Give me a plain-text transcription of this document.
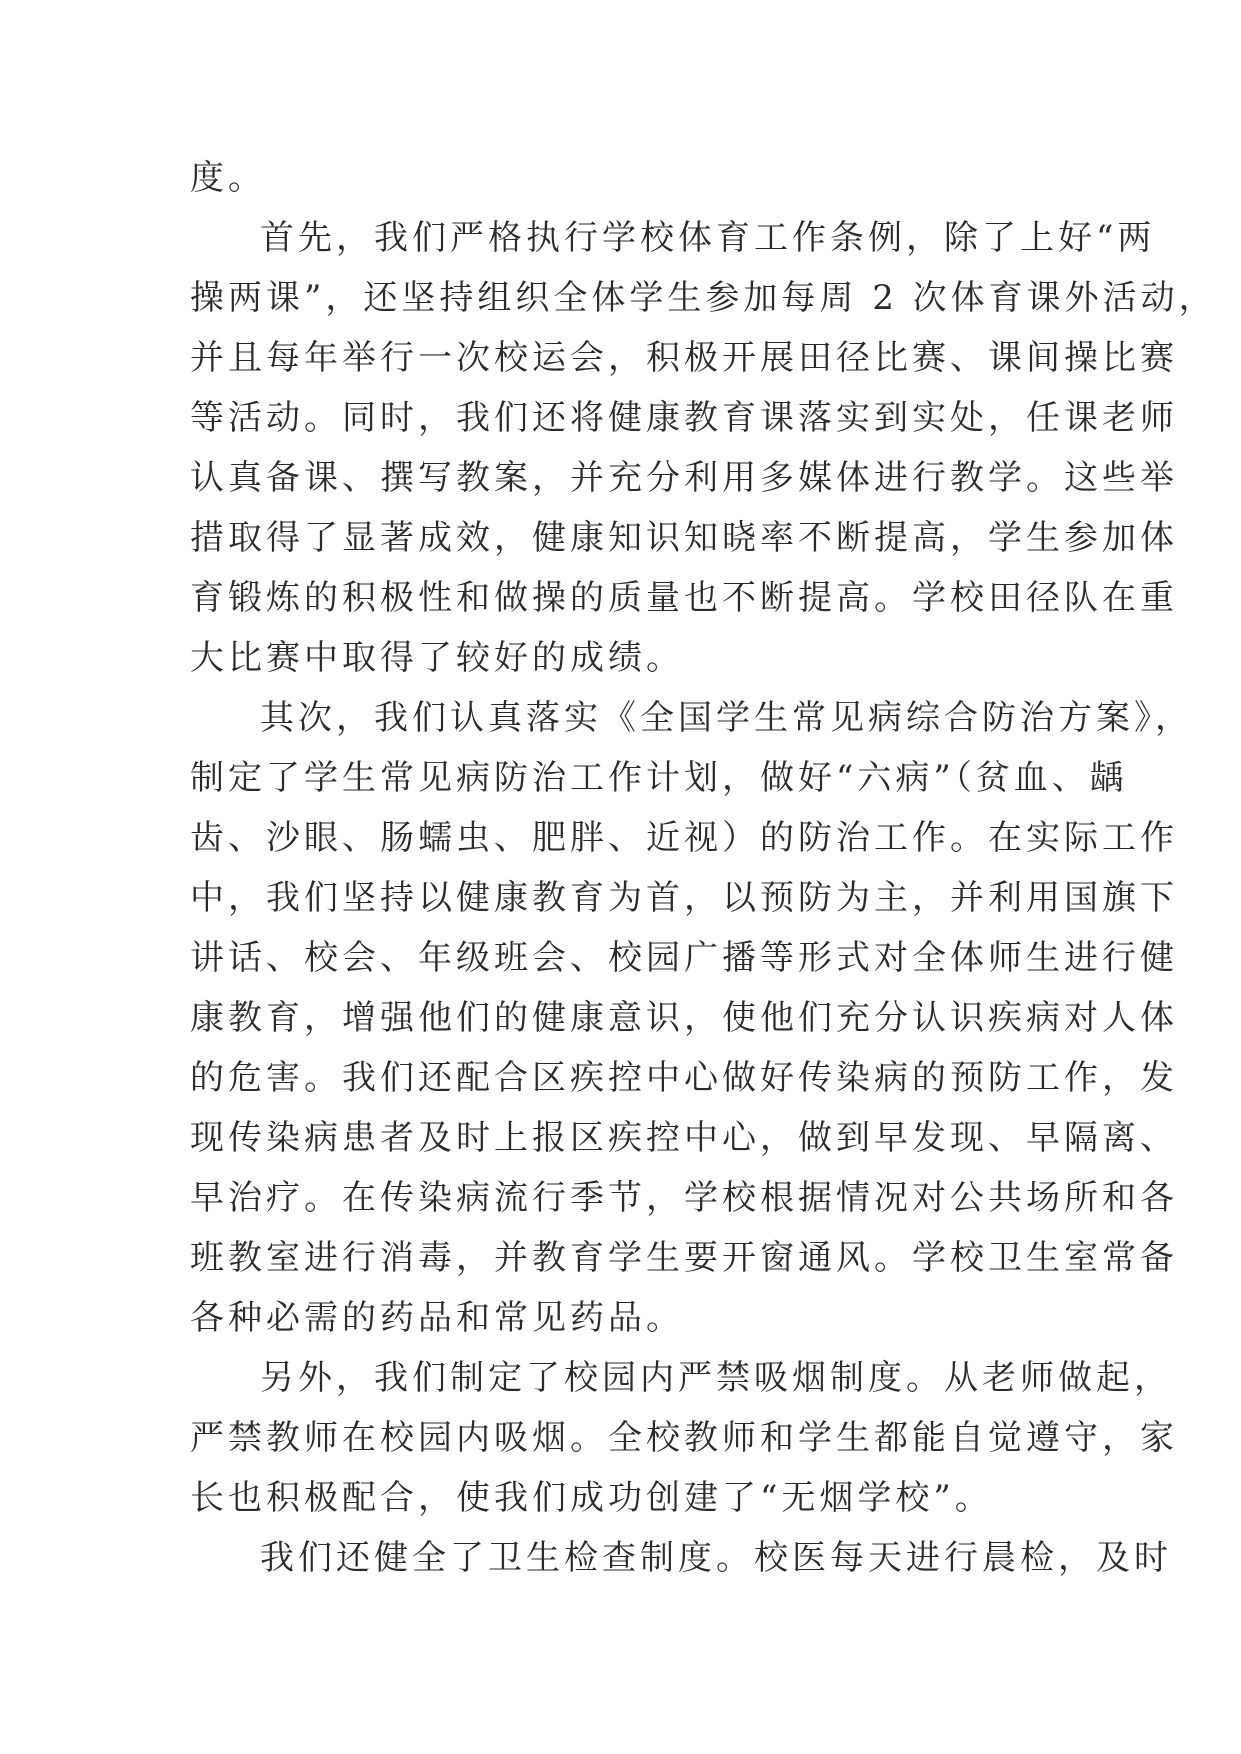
度。
首先，我们严格执行学校体育工作条例，除了上好“两
操两课”，还坚持组织全体学生参加每周 2 次体育课外活动，
并且每年举行一次校运会，积极开展田径比赛、课间操比赛
等活动。同时，我们还将健康教育课落实到实处，任课老师
认真备课、撰写教案，并充分利用多媒体进行教学。这些举
措取得了显著成效，健康知识知晓率不断提高，学生参加体
育锻炼的积极性和做操的质量也不断提高。学校田径队在重
大比赛中取得了较好的成绩。
其次，我们认真落实《全国学生常见病综合防治方案》，
制定了学生常见病防治工作计划，做好“六病”（贫血、龋
齿、沙眼、肠蠕虫、肥胖、近视）的防治工作。在实际工作
中，我们坚持以健康教育为首，以预防为主，并利用国旗下
讲话、校会、年级班会、校园广播等形式对全体师生进行健
康教育，增强他们的健康意识，使他们充分认识疾病对人体
的危害。我们还配合区疾控中心做好传染病的预防工作，发
现传染病患者及时上报区疾控中心，做到早发现、早隔离、
早治疗。在传染病流行季节，学校根据情况对公共场所和各
班教室进行消毒，并教育学生要开窗通风。学校卫生室常备
各种必需的药品和常见药品。
另外，我们制定了校园内严禁吸烟制度。从老师做起，
严禁教师在校园内吸烟。全校教师和学生都能自觉遵守，家
长也积极配合，使我们成功创建了“无烟学校”。
我们还健全了卫生检查制度。校医每天进行晨检，及时
